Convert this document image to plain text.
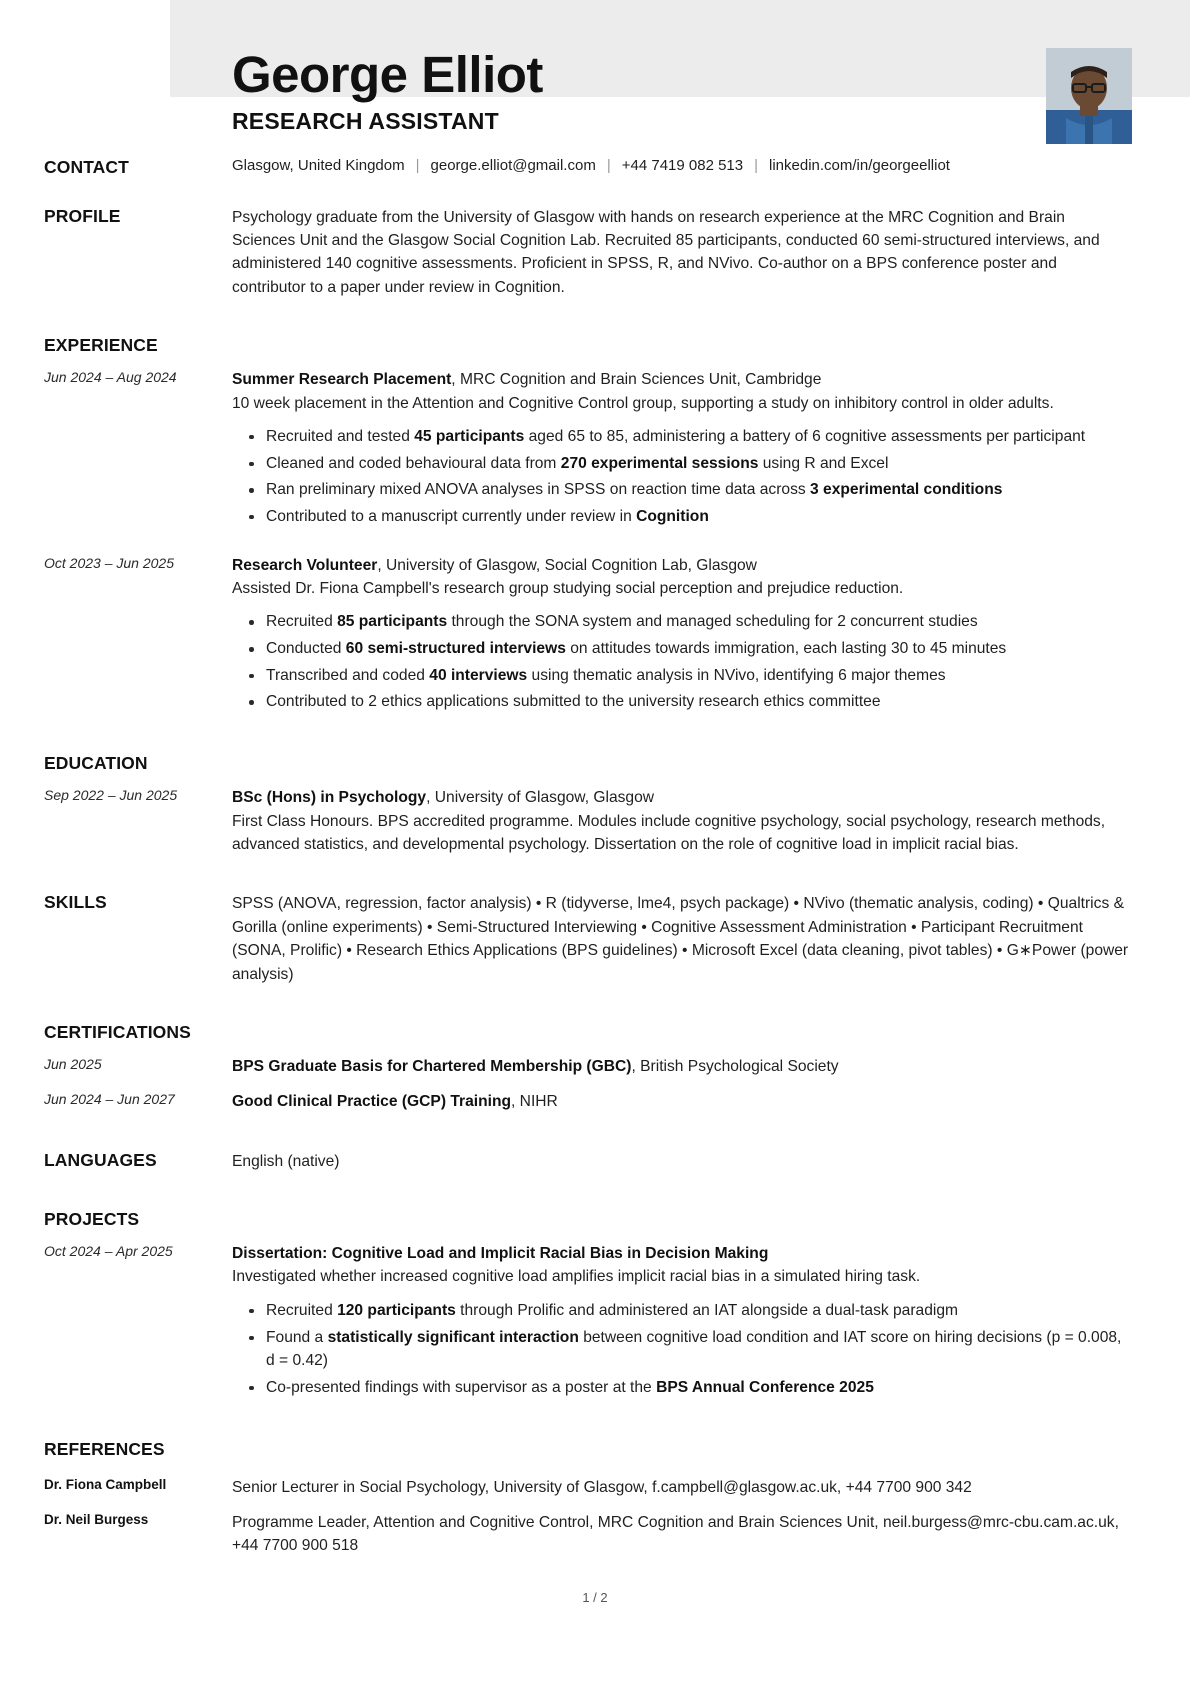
George Elliot
RESEARCH ASSISTANT
CONTACT	Glasgow, United Kingdom | george.elliot@gmail.com | +44 7419 082 513 | linkedin.com/in/georgeelliot
PROFILE	Psychology graduate from the University of Glasgow with hands on research experience at the MRC Cognition and Brain Sciences Unit and the Glasgow Social Cognition Lab. Recruited 85 participants, conducted 60 semi-structured interviews, and administered 140 cognitive assessments. Proficient in SPSS, R, and NVivo. Co-author on a BPS conference poster and contributor to a paper under review in Cognition.
EXPERIENCE
Jun 2024 – Aug 2024	Summer Research Placement, MRC Cognition and Brain Sciences Unit, Cambridge
10 week placement in the Attention and Cognitive Control group, supporting a study on inhibitory control in older adults.
Recruited and tested 45 participants aged 65 to 85, administering a battery of 6 cognitive assessments per participant
Cleaned and coded behavioural data from 270 experimental sessions using R and Excel
Ran preliminary mixed ANOVA analyses in SPSS on reaction time data across 3 experimental conditions
Contributed to a manuscript currently under review in Cognition
Oct 2023 – Jun 2025	Research Volunteer, University of Glasgow, Social Cognition Lab, Glasgow
Assisted Dr. Fiona Campbell's research group studying social perception and prejudice reduction.
Recruited 85 participants through the SONA system and managed scheduling for 2 concurrent studies
Conducted 60 semi-structured interviews on attitudes towards immigration, each lasting 30 to 45 minutes
Transcribed and coded 40 interviews using thematic analysis in NVivo, identifying 6 major themes
Contributed to 2 ethics applications submitted to the university research ethics committee
EDUCATION
Sep 2022 – Jun 2025	BSc (Hons) in Psychology, University of Glasgow, Glasgow
First Class Honours. BPS accredited programme. Modules include cognitive psychology, social psychology, research methods, advanced statistics, and developmental psychology. Dissertation on the role of cognitive load in implicit racial bias.
SKILLS	SPSS (ANOVA, regression, factor analysis) • R (tidyverse, lme4, psych package) • NVivo (thematic analysis, coding) • Qualtrics & Gorilla (online experiments) • Semi-Structured Interviewing • Cognitive Assessment Administration • Participant Recruitment (SONA, Prolific) • Research Ethics Applications (BPS guidelines) • Microsoft Excel (data cleaning, pivot tables) • G∗Power (power analysis)
CERTIFICATIONS
Jun 2025	BPS Graduate Basis for Chartered Membership (GBC), British Psychological Society
Jun 2024 – Jun 2027	Good Clinical Practice (GCP) Training, NIHR
LANGUAGES	English (native)
PROJECTS
Oct 2024 – Apr 2025	Dissertation: Cognitive Load and Implicit Racial Bias in Decision Making
Investigated whether increased cognitive load amplifies implicit racial bias in a simulated hiring task.
Recruited 120 participants through Prolific and administered an IAT alongside a dual-task paradigm
Found a statistically significant interaction between cognitive load condition and IAT score on hiring decisions (p = 0.008, d = 0.42)
Co-presented findings with supervisor as a poster at the BPS Annual Conference 2025
REFERENCES
Dr. Fiona Campbell	Senior Lecturer in Social Psychology, University of Glasgow, f.campbell@glasgow.ac.uk, +44 7700 900 342
Dr. Neil Burgess	Programme Leader, Attention and Cognitive Control, MRC Cognition and Brain Sciences Unit, neil.burgess@mrc-cbu.cam.ac.uk, +44 7700 900 518
1 / 2
